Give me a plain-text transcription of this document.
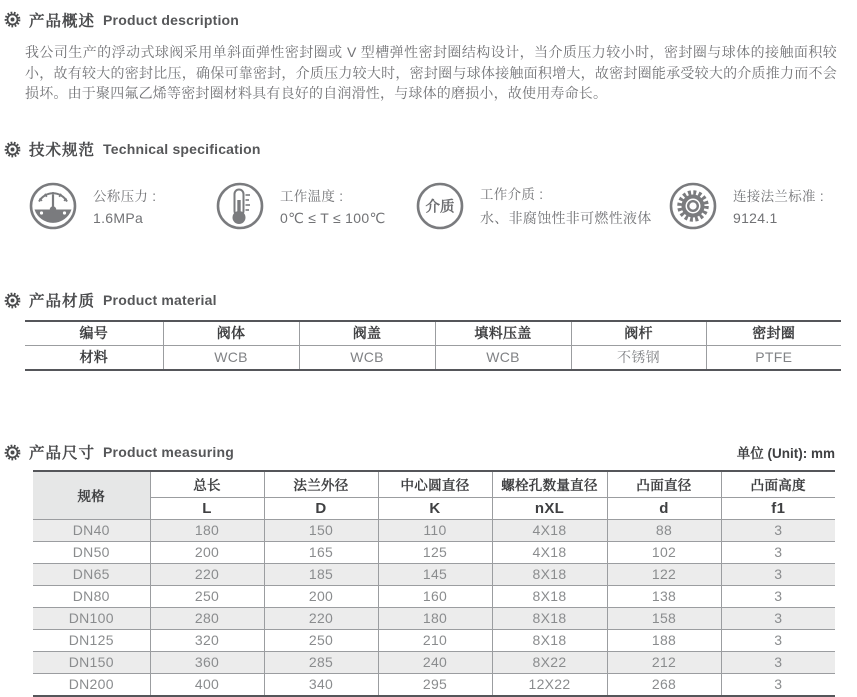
产品概述 Product description
我公司生产的浮动式球阀采用单斜面弹性密封圈或 V 型槽弹性密封圈结构设计，当介质压力较小时，密封圈与球体的接触面积较小，故有较大的密封比压，确保可靠密封，介质压力较大时，密封圈与球体接触面积增大，故密封圈能承受较大的介质推力而不会损坏。由于聚四氟乙烯等密封圈材料具有良好的自润滑性，与球体的磨损小，故使用寿命长。
技术规范 Technical specification
公称压力 :
1.6MPa
工作温度 :
0℃ ≤ T ≤ 100℃
介质
工作介质 :
水、非腐蚀性非可燃性液体
连接法兰标准 :
9124.1
产品材质 Product material
编号	阀体	阀盖	填料压盖	阀杆	密封圈
材料	WCB	WCB	WCB	不锈钢	PTFE
产品尺寸 Product measuring	单位 (Unit): mm
规格	总长	法兰外径	中心圆直径	螺栓孔数量直径	凸面直径	凸面高度
	L	D	K	nXL	d	f1
DN40	180	150	110	4X18	88	3
DN50	200	165	125	4X18	102	3
DN65	220	185	145	8X18	122	3
DN80	250	200	160	8X18	138	3
DN100	280	220	180	8X18	158	3
DN125	320	250	210	8X18	188	3
DN150	360	285	240	8X22	212	3
DN200	400	340	295	12X22	268	3
